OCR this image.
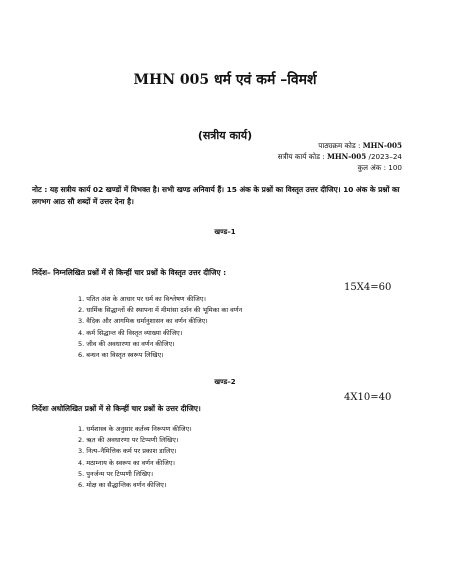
MHN 005 धर्म एवं कर्म –विमर्श
(सत्रीय कार्य)
पाठ्यक्रम कोड : MHN-005
सत्रीय कार्य कोड : MHN-005 /2023–24
कुल अंक : 100
नोट : यह सत्रीय कार्य 02 खण्डों में विभक्त है। सभी खण्ड अनिवार्य हैं। 15 अंक के प्रश्नों का विस्तृत उत्तर दीजिए। 10 अंक के प्रश्नों का लगभग आठ सौ शब्दों में उत्तर देना है।
खण्ड–1
निर्देश– निम्नलिखित प्रश्नों में से किन्हीं चार प्रश्नों के विस्तृत उत्तर दीजिए :
15X4=60
1. पतित अंश के आधार पर धर्म का विश्लेषण कीजिए।
2. धार्मिक सिद्धान्तों की स्थापना में मीमांसा दर्शन की भूमिका का वर्णन
3. वैदिक और आगमिक धर्मानुशासन का वर्णन कीजिए।
4. कर्म सिद्धान्त की विस्तृत व्याख्या कीजिए।
5. जीव की अवधारणा का वर्णन कीजिए।
6. बन्धन का विस्तृत स्वरूप लिखिए।
खण्ड–2
4X10=40
निर्देशः अधोलिखित प्रश्नों में से किन्हीं चार प्रश्नों के उत्तर दीजिए।
1. धर्मशास्त्र के अनुसार कर्तव्य निरूपण कीजिए।
2. ऋत की अवधारणा पर टिप्पणी लिखिए।
3. नित्य–नैमित्तिक कर्म पर प्रकाश डालिए।
4. मठाम्नाय के स्वरूप का वर्णन कीजिए।
5. पुनर्जन्म पर टिप्पणी लिखिए।
6. मोक्ष का सैद्धान्तिक वर्णन कीजिए।
